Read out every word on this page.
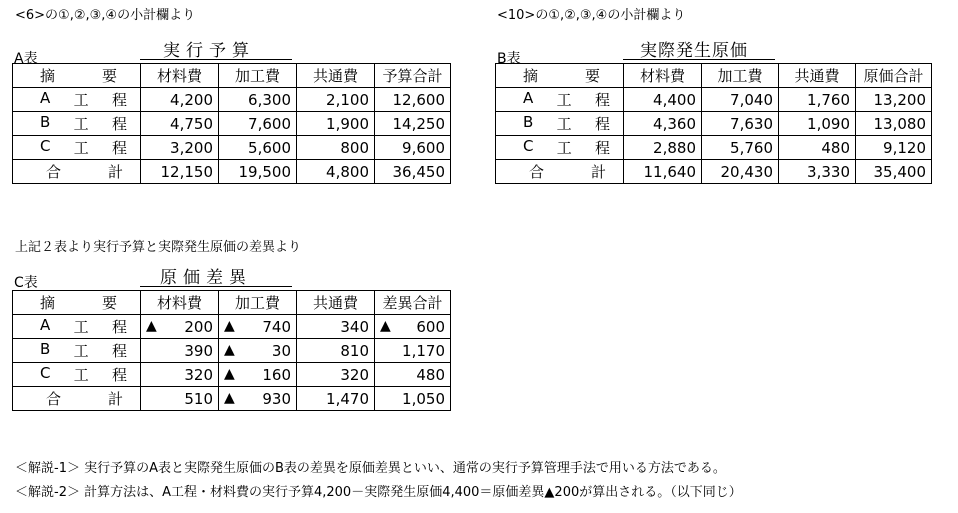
<6>の①,②,③,④の小計欄より
A表	実行予算
<10>の①,②,③,④の小計欄より
B表	実際発生原価
摘 要	材料費	加工費	共通費	予算合計

A 工 程	4,200	6,300	2,100	12,600

B 工 程	4,750	7,600	1,900	14,250

C 工 程	3,200	5,600	800	9,600

合 計	12,150	19,500	4,800	36,450
摘 要	材料費	加工費	共通費	原価合計

A 工 程	4,400	7,040	1,760	13,200

B 工 程	4,360	7,630	1,090	13,080

C 工 程	2,880	5,760	480	9,120

合 計	11,640	20,430	3,330	35,400
上記２表より実行予算と実際発生原価の差異より
C表	原価差異
摘 要	材料費	加工費	共通費	差異合計

A 工 程	▲ 200	▲ 740	340	▲ 600

B 工 程	390	▲ 30	810	1,170

C 工 程	320	▲ 160	320	480

合 計	510	▲ 930	1,470	1,050
＜解説-1＞ 実行予算のA表と実際発生原価のB表の差異を原価差異といい、通常の実行予算管理手法で用いる方法である。
＜解説-2＞ 計算方法は、A工程・材料費の実行予算4,200－実際発生原価4,400＝原価差異▲200が算出される。（以下同じ）
